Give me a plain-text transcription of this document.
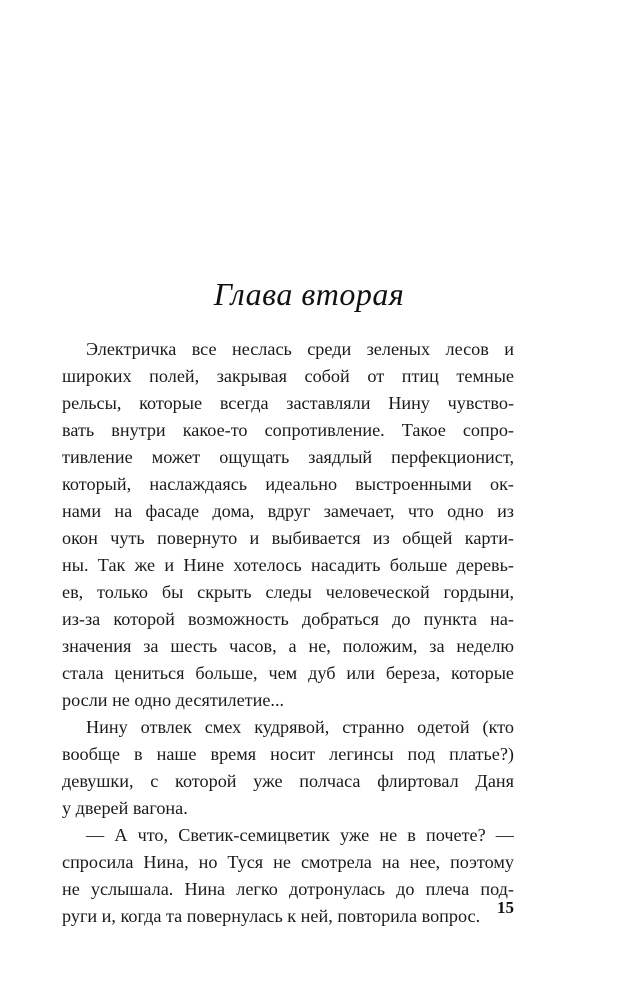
Глава вторая
Электричка все неслась среди зеленых лесов и
широких полей, закрывая собой от птиц темные
рельсы, которые всегда заставляли Нину чувство-
вать внутри какое-то сопротивление. Такое сопро-
тивление может ощущать заядлый перфекционист,
который, наслаждаясь идеально выстроенными ок-
нами на фасаде дома, вдруг замечает, что одно из
окон чуть повернуто и выбивается из общей карти-
ны. Так же и Нине хотелось насадить больше деревь-
ев, только бы скрыть следы человеческой гордыни,
из-за которой возможность добраться до пункта на-
значения за шесть часов, а не, положим, за неделю
стала цениться больше, чем дуб или береза, которые
росли не одно десятилетие...
Нину отвлек смех кудрявой, странно одетой (кто
вообще в наше время носит легинсы под платье?)
девушки, с которой уже полчаса флиртовал Даня
у дверей вагона.
— А что, Светик-семицветик уже не в почете? —
спросила Нина, но Туся не смотрела на нее, поэтому
не услышала. Нина легко дотронулась до плеча под-
руги и, когда та повернулась к ней, повторила вопрос. 15
